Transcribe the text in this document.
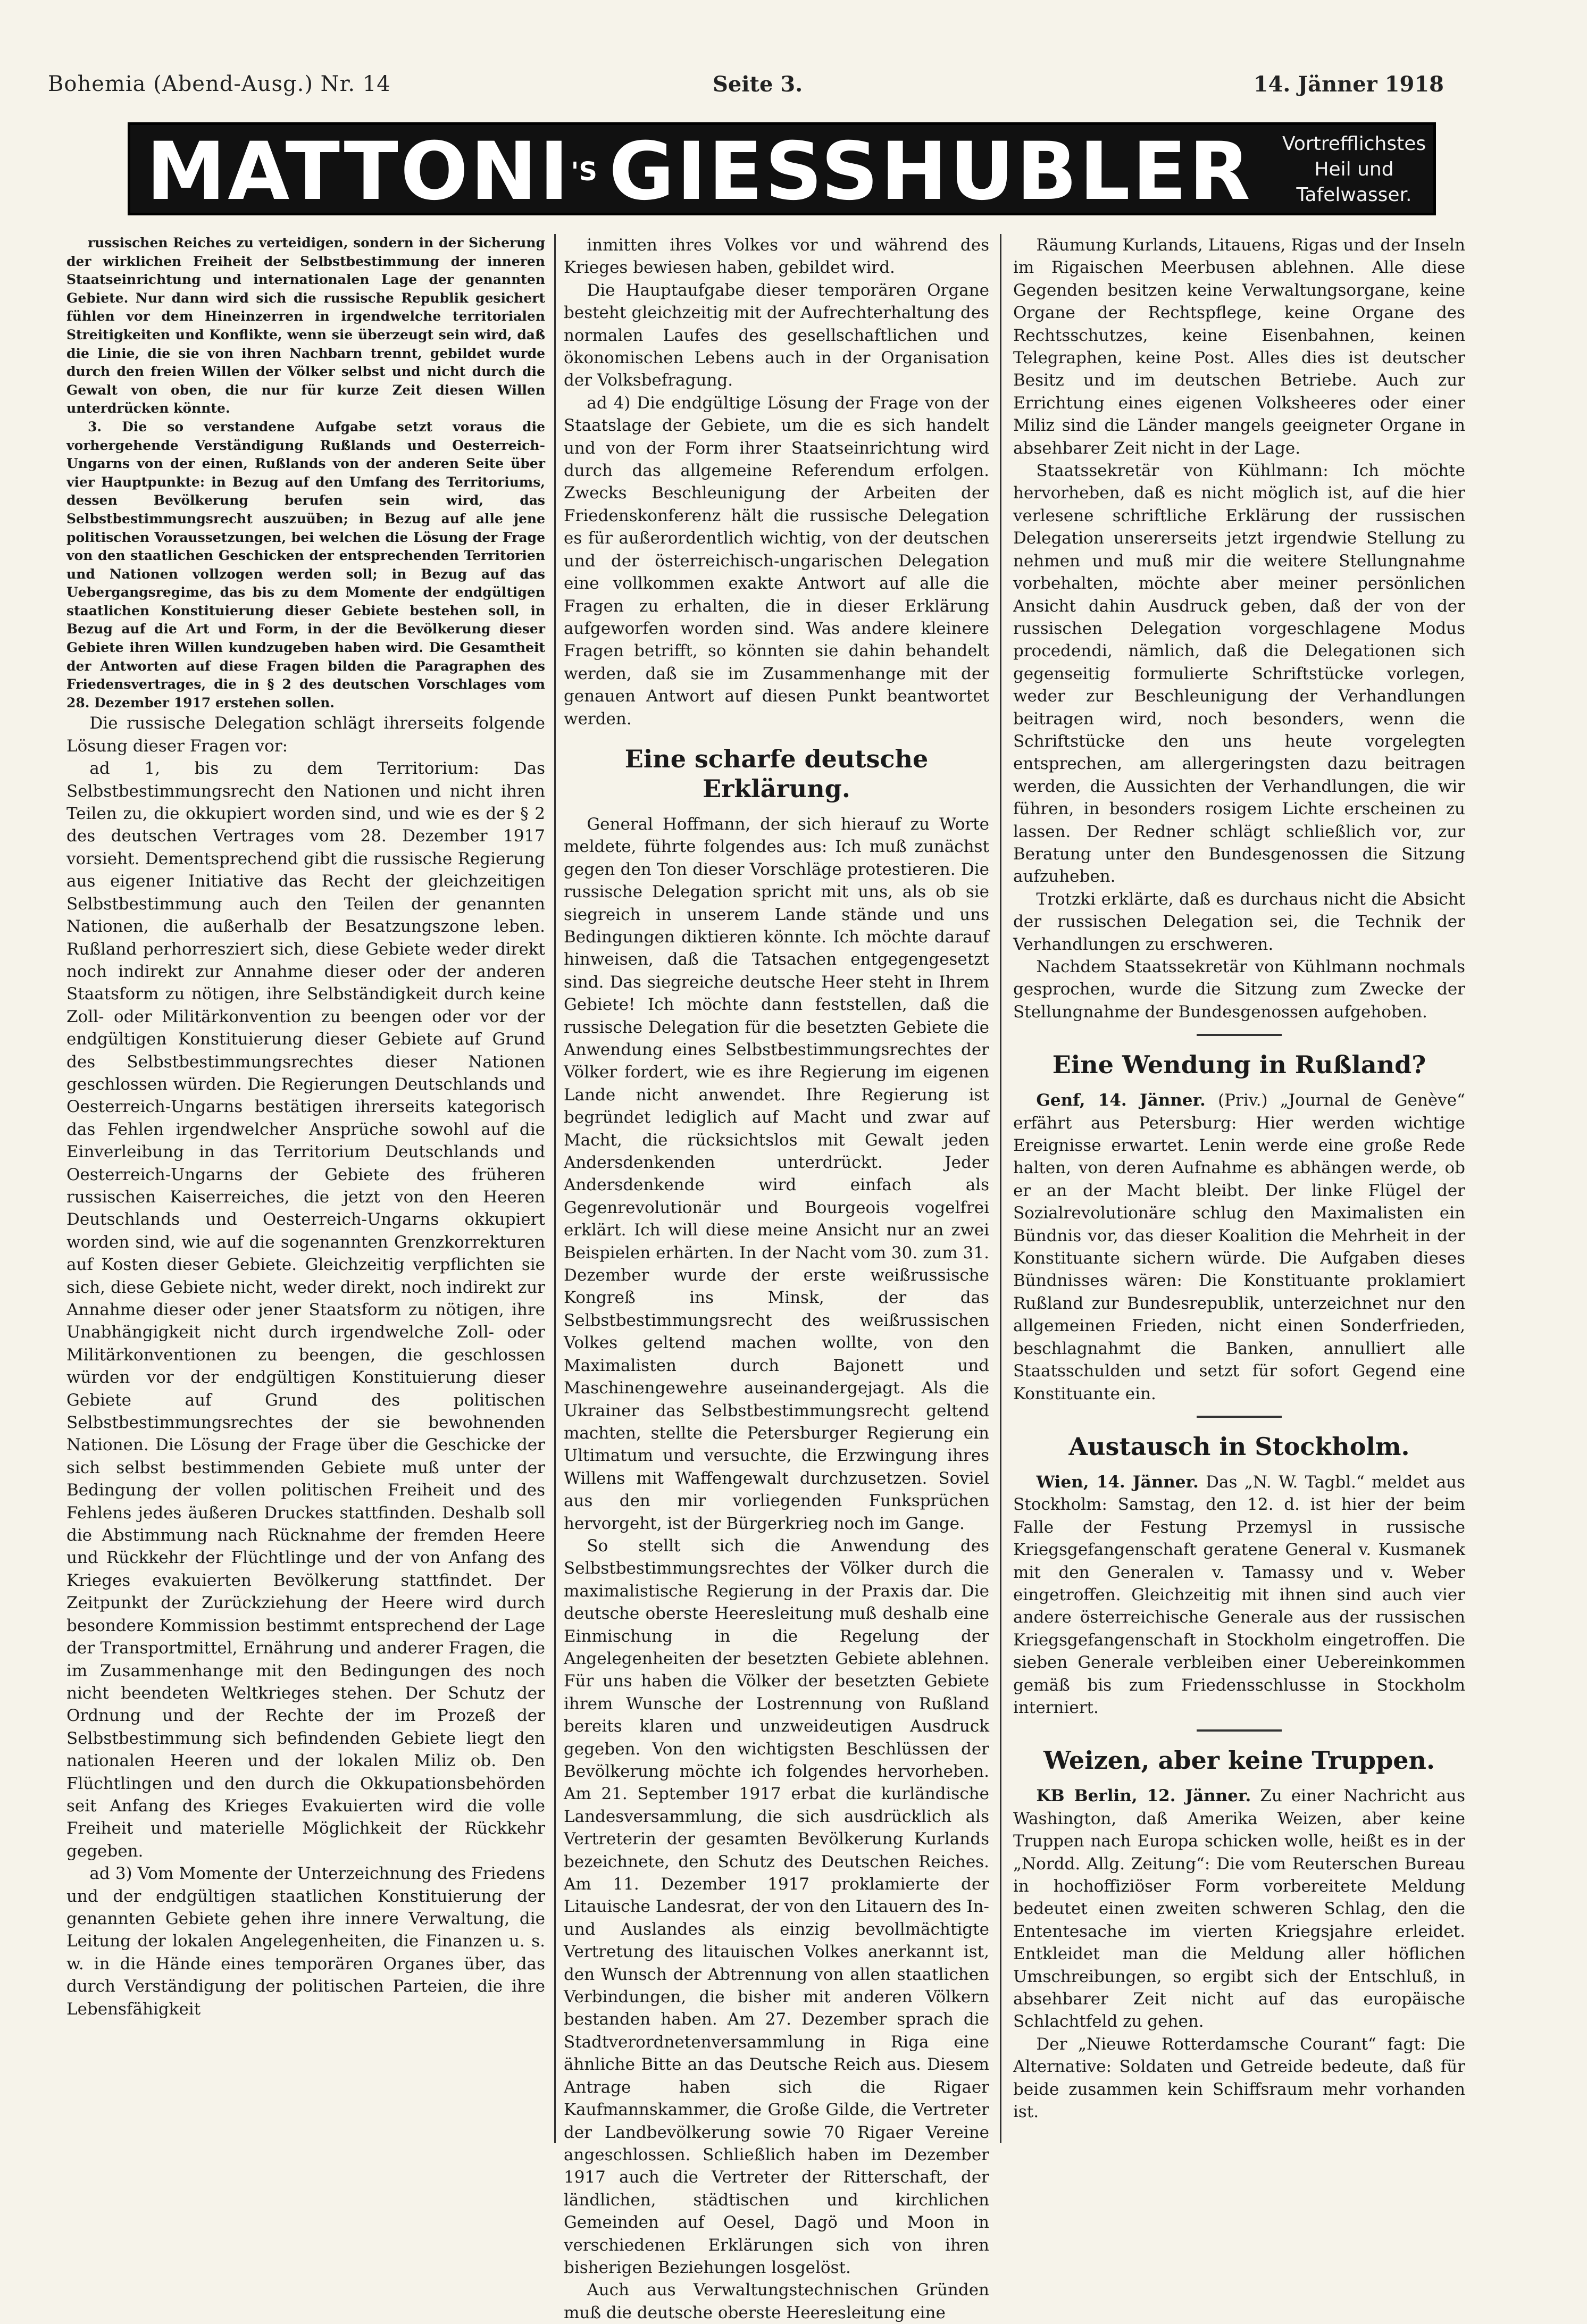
Bohemia (Abend-Ausg.) Nr. 14	Seite 3.	14. Jänner 1918
$MATTONI^{'S}$ GIESSHUBLER Vortrefflichstes
Heil und
Tafelwasser.

russischen Reiches zu verteidigen, sondern in der Sicherung der wirklichen Freiheit der Selbstbestimmung der inneren Staatseinrichtung und internationalen Lage der genannten Gebiete. Nur dann wird sich die russische Republik gesichert fühlen vor dem Hineinzerren in irgendwelche territorialen Streitigkeiten und Konflikte, wenn sie überzeugt sein wird, daß die Linie, die sie von ihren Nachbarn trennt, gebildet wurde durch den freien Willen der Völker selbst und nicht durch die Gewalt von oben, die nur für kurze Zeit diesen Willen unterdrücken könnte.

3. Die so verstandene Aufgabe setzt voraus die vorhergehende Verständigung Rußlands und Oesterreich-Ungarns von der einen, Rußlands von der anderen Seite über vier Hauptpunkte: in Bezug auf den Umfang des Territoriums, dessen Bevölkerung berufen sein wird, das Selbstbestimmungsrecht auszuüben; in Bezug auf alle jene politischen Voraussetzungen, bei welchen die Lösung der Frage von den staatlichen Geschicken der entsprechenden Territorien und Nationen vollzogen werden soll; in Bezug auf das Uebergangsregime, das bis zu dem Momente der endgültigen staatlichen Konstituierung dieser Gebiete bestehen soll, in Bezug auf die Art und Form, in der die Bevölkerung dieser Gebiete ihren Willen kundzugeben haben wird. Die Gesamtheit der Antworten auf diese Fragen bilden die Paragraphen des Friedensvertrages, die in § 2 des deutschen Vorschlages vom 28. Dezember 1917 erstehen sollen.

Die russische Delegation schlägt ihrerseits folgende Lösung dieser Fragen vor:

ad 1, bis zu dem Territorium: Das Selbstbestimmungsrecht den Nationen und nicht ihren Teilen zu, die okkupiert worden sind, und wie es der § 2 des deutschen Vertrages vom 28. Dezember 1917 vorsieht. Dementsprechend gibt die russische Regierung aus eigener Initiative das Recht der gleichzeitigen Selbstbestimmung auch den Teilen der genannten Nationen, die außerhalb der Besatzungszone leben. Rußland perhorresziert sich, diese Gebiete weder direkt noch indirekt zur Annahme dieser oder der anderen Staatsform zu nötigen, ihre Selbständigkeit durch keine Zoll- oder Militärkonvention zu beengen oder vor der endgültigen Konstituierung dieser Gebiete auf Grund des Selbstbestimmungsrechtes dieser Nationen geschlossen würden. Die Regierungen Deutschlands und Oesterreich-Ungarns bestätigen ihrerseits kategorisch das Fehlen irgendwelcher Ansprüche sowohl auf die Einverleibung in das Territorium Deutschlands und Oesterreich-Ungarns der Gebiete des früheren russischen Kaiserreiches, die jetzt von den Heeren Deutschlands und Oesterreich-Ungarns okkupiert worden sind, wie auf die sogenannten Grenzkorrekturen auf Kosten dieser Gebiete. Gleichzeitig verpflichten sie sich, diese Gebiete nicht, weder direkt, noch indirekt zur Annahme dieser oder jener Staatsform zu nötigen, ihre Unabhängigkeit nicht durch irgendwelche Zoll- oder Militärkonventionen zu beengen, die geschlossen würden vor der endgültigen Konstituierung dieser Gebiete auf Grund des politischen Selbstbestimmungsrechtes der sie bewohnenden Nationen. Die Lösung der Frage über die Geschicke der sich selbst bestimmenden Gebiete muß unter der Bedingung der vollen politischen Freiheit und des Fehlens jedes äußeren Druckes stattfinden. Deshalb soll die Abstimmung nach Rücknahme der fremden Heere und Rückkehr der Flüchtlinge und der von Anfang des Krieges evakuierten Bevölkerung stattfindet. Der Zeitpunkt der Zurückziehung der Heere wird durch besondere Kommission bestimmt entsprechend der Lage der Transportmittel, Ernährung und anderer Fragen, die im Zusammenhange mit den Bedingungen des noch nicht beendeten Weltkrieges stehen. Der Schutz der Ordnung und der Rechte der im Prozeß der Selbstbestimmung sich befindenden Gebiete liegt den nationalen Heeren und der lokalen Miliz ob. Den Flüchtlingen und den durch die Okkupationsbehörden seit Anfang des Krieges Evakuierten wird die volle Freiheit und materielle Möglichkeit der Rückkehr gegeben.

ad 3) Vom Momente der Unterzeichnung des Friedens und der endgültigen staatlichen Konstituierung der genannten Gebiete gehen ihre innere Verwaltung, die Leitung der lokalen Angelegenheiten, die Finanzen u. s. w. in die Hände eines temporären Organes über, das durch Verständigung der politischen Parteien, die ihre Lebensfähigkeit

inmitten ihres Volkes vor und während des Krieges bewiesen haben, gebildet wird.

Die Hauptaufgabe dieser temporären Organe besteht gleichzeitig mit der Aufrechterhaltung des normalen Laufes des gesellschaftlichen und ökonomischen Lebens auch in der Organisation der Volksbefragung.

ad 4) Die endgültige Lösung der Frage von der Staatslage der Gebiete, um die es sich handelt und von der Form ihrer Staatseinrichtung wird durch das allgemeine Referendum erfolgen. Zwecks Beschleunigung der Arbeiten der Friedenskonferenz hält die russische Delegation es für außerordentlich wichtig, von der deutschen und der österreichisch-ungarischen Delegation eine vollkommen exakte Antwort auf alle die Fragen zu erhalten, die in dieser Erklärung aufgeworfen worden sind. Was andere kleinere Fragen betrifft, so könnten sie dahin behandelt werden, daß sie im Zusammenhange mit der genauen Antwort auf diesen Punkt beantwortet werden.

Eine scharfe deutsche Erklärung.

General Hoffmann, der sich hierauf zu Worte meldete, führte folgendes aus: Ich muß zunächst gegen den Ton dieser Vorschläge protestieren. Die russische Delegation spricht mit uns, als ob sie siegreich in unserem Lande stände und uns Bedingungen diktieren könnte. Ich möchte darauf hinweisen, daß die Tatsachen entgegengesetzt sind. Das siegreiche deutsche Heer steht in Ihrem Gebiete! Ich möchte dann feststellen, daß die russische Delegation für die besetzten Gebiete die Anwendung eines Selbstbestimmungsrechtes der Völker fordert, wie es ihre Regierung im eigenen Lande nicht anwendet. Ihre Regierung ist begründet lediglich auf Macht und zwar auf Macht, die rücksichtslos mit Gewalt jeden Andersdenkenden unterdrückt. Jeder Andersdenkende wird einfach als Gegenrevolutionär und Bourgeois vogelfrei erklärt. Ich will diese meine Ansicht nur an zwei Beispielen erhärten. In der Nacht vom 30. zum 31. Dezember wurde der erste weißrussische Kongreß ins Minsk, der das Selbstbestimmungsrecht des weißrussischen Volkes geltend machen wollte, von den Maximalisten durch Bajonett und Maschinengewehre auseinandergejagt. Als die Ukrainer das Selbstbestimmungsrecht geltend machten, stellte die Petersburger Regierung ein Ultimatum und versuchte, die Erzwingung ihres Willens mit Waffengewalt durchzusetzen. Soviel aus den mir vorliegenden Funksprüchen hervorgeht, ist der Bürgerkrieg noch im Gange.

So stellt sich die Anwendung des Selbstbestimmungsrechtes der Völker durch die maximalistische Regierung in der Praxis dar. Die deutsche oberste Heeresleitung muß deshalb eine Einmischung in die Regelung der Angelegenheiten der besetzten Gebiete ablehnen. Für uns haben die Völker der besetzten Gebiete ihrem Wunsche der Lostrennung von Rußland bereits klaren und unzweideutigen Ausdruck gegeben. Von den wichtigsten Beschlüssen der Bevölkerung möchte ich folgendes hervorheben. Am 21. September 1917 erbat die kurländische Landesversammlung, die sich ausdrücklich als Vertreterin der gesamten Bevölkerung Kurlands bezeichnete, den Schutz des Deutschen Reiches. Am 11. Dezember 1917 proklamierte der Litauische Landesrat, der von den Litauern des In- und Auslandes als einzig bevollmächtigte Vertretung des litauischen Volkes anerkannt ist, den Wunsch der Abtrennung von allen staatlichen Verbindungen, die bisher mit anderen Völkern bestanden haben. Am 27. Dezember sprach die Stadtverordnetenversammlung in Riga eine ähnliche Bitte an das Deutsche Reich aus. Diesem Antrage haben sich die Rigaer Kaufmannskammer, die Große Gilde, die Vertreter der Landbevölkerung sowie 70 Rigaer Vereine angeschlossen. Schließlich haben im Dezember 1917 auch die Vertreter der Ritterschaft, der ländlichen, städtischen und kirchlichen Gemeinden auf Oesel, Dagö und Moon in verschiedenen Erklärungen sich von ihren bisherigen Beziehungen losgelöst.

Auch aus Verwaltungstechnischen Gründen muß die deutsche oberste Heeresleitung eine

Räumung Kurlands, Litauens, Rigas und der Inseln im Rigaischen Meerbusen ablehnen. Alle diese Gegenden besitzen keine Verwaltungsorgane, keine Organe der Rechtspflege, keine Organe des Rechtsschutzes, keine Eisenbahnen, keinen Telegraphen, keine Post. Alles dies ist deutscher Besitz und im deutschen Betriebe. Auch zur Errichtung eines eigenen Volksheeres oder einer Miliz sind die Länder mangels geeigneter Organe in absehbarer Zeit nicht in der Lage.

Staatssekretär von Kühlmann: Ich möchte hervorheben, daß es nicht möglich ist, auf die hier verlesene schriftliche Erklärung der russischen Delegation unsererseits jetzt irgendwie Stellung zu nehmen und muß mir die weitere Stellungnahme vorbehalten, möchte aber meiner persönlichen Ansicht dahin Ausdruck geben, daß der von der russischen Delegation vorgeschlagene Modus procedendi, nämlich, daß die Delegationen sich gegenseitig formulierte Schriftstücke vorlegen, weder zur Beschleunigung der Verhandlungen beitragen wird, noch besonders, wenn die Schriftstücke den uns heute vorgelegten entsprechen, am allergeringsten dazu beitragen werden, die Aussichten der Verhandlungen, die wir führen, in besonders rosigem Lichte erscheinen zu lassen. Der Redner schlägt schließlich vor, zur Beratung unter den Bundesgenossen die Sitzung aufzuheben.

Trotzki erklärte, daß es durchaus nicht die Absicht der russischen Delegation sei, die Technik der Verhandlungen zu erschweren.

Nachdem Staatssekretär von Kühlmann nochmals gesprochen, wurde die Sitzung zum Zwecke der Stellungnahme der Bundesgenossen aufgehoben.

Eine Wendung in Rußland?

Genf, 14. Jänner. (Priv.) „Journal de Genève“ erfährt aus Petersburg: Hier werden wichtige Ereignisse erwartet. Lenin werde eine große Rede halten, von deren Aufnahme es abhängen werde, ob er an der Macht bleibt. Der linke Flügel der Sozialrevolutionäre schlug den Maximalisten ein Bündnis vor, das dieser Koalition die Mehrheit in der Konstituante sichern würde. Die Aufgaben dieses Bündnisses wären: Die Konstituante proklamiert Rußland zur Bundesrepublik, unterzeichnet nur den allgemeinen Frieden, nicht einen Sonderfrieden, beschlagnahmt die Banken, annulliert alle Staatsschulden und setzt für sofort Gegend eine Konstituante ein.

Austausch in Stockholm.

Wien, 14. Jänner. Das „N. W. Tagbl.“ meldet aus Stockholm: Samstag, den 12. d. ist hier der beim Falle der Festung Przemysl in russische Kriegsgefangenschaft geratene General v. Kusmanek mit den Generalen v. Tamassy und v. Weber eingetroffen. Gleichzeitig mit ihnen sind auch vier andere österreichische Generale aus der russischen Kriegsgefangenschaft in Stockholm eingetroffen. Die sieben Generale verbleiben einer Uebereinkommen gemäß bis zum Friedensschlusse in Stockholm interniert.

Weizen, aber keine Truppen.

KB Berlin, 12. Jänner. Zu einer Nachricht aus Washington, daß Amerika Weizen, aber keine Truppen nach Europa schicken wolle, heißt es in der „Nordd. Allg. Zeitung“: Die vom Reuterschen Bureau in hochoffiziöser Form vorbereitete Meldung bedeutet einen zweiten schweren Schlag, den die Ententesache im vierten Kriegsjahre erleidet. Entkleidet man die Meldung aller höflichen Umschreibungen, so ergibt sich der Entschluß, in absehbarer Zeit nicht auf das europäische Schlachtfeld zu gehen.

Der „Nieuwe Rotterdamsche Courant“ fagt: Die Alternative: Soldaten und Getreide bedeute, daß für beide zusammen kein Schiffsraum mehr vorhanden ist.
